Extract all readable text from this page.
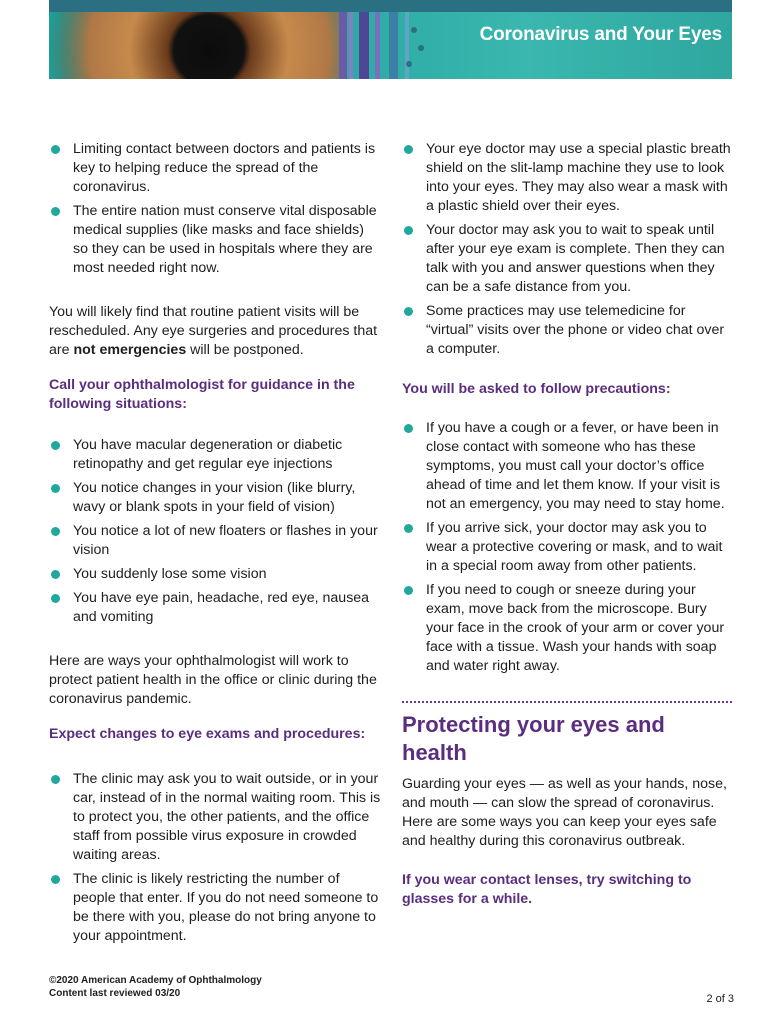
Coronavirus and Your Eyes
Limiting contact between doctors and patients is key to helping reduce the spread of the coronavirus.
The entire nation must conserve vital disposable medical supplies (like masks and face shields) so they can be used in hospitals where they are most needed right now.

You will likely find that routine patient visits will be rescheduled. Any eye surgeries and procedures that are not emergencies will be postponed.

Call your ophthalmologist for guidance in the following situations:
You have macular degeneration or diabetic retinopathy and get regular eye injections
You notice changes in your vision (like blurry, wavy or blank spots in your field of vision)
You notice a lot of new floaters or flashes in your vision
You suddenly lose some vision
You have eye pain, headache, red eye, nausea and vomiting

Here are ways your ophthalmologist will work to protect patient health in the office or clinic during the coronavirus pandemic.

Expect changes to eye exams and procedures:
The clinic may ask you to wait outside, or in your car, instead of in the normal waiting room. This is to protect you, the other patients, and the office staff from possible virus exposure in crowded waiting areas.
The clinic is likely restricting the number of people that enter. If you do not need someone to be there with you, please do not bring anyone to your appointment.
Your eye doctor may use a special plastic breath shield on the slit-lamp machine they use to look into your eyes. They may also wear a mask with a plastic shield over their eyes.
Your doctor may ask you to wait to speak until after your eye exam is complete. Then they can talk with you and answer questions when they can be a safe distance from you.
Some practices may use telemedicine for “virtual” visits over the phone or video chat over a computer.
You will be asked to follow precautions:
If you have a cough or a fever, or have been in close contact with someone who has these symptoms, you must call your doctor’s office ahead of time and let them know. If your visit is not an emergency, you may need to stay home.
If you arrive sick, your doctor may ask you to wear a protective covering or mask, and to wait in a special room away from other patients.
If you need to cough or sneeze during your exam, move back from the microscope. Bury your face in the crook of your arm or cover your face with a tissue. Wash your hands with soap and water right away.
Protecting your eyes and health

Guarding your eyes — as well as your hands, nose, and mouth — can slow the spread of coronavirus. Here are some ways you can keep your eyes safe and healthy during this coronavirus outbreak.

If you wear contact lenses, try switching to glasses for a while.
©2020 American Academy of Ophthalmology
Content last reviewed 03/20	2 of 3
